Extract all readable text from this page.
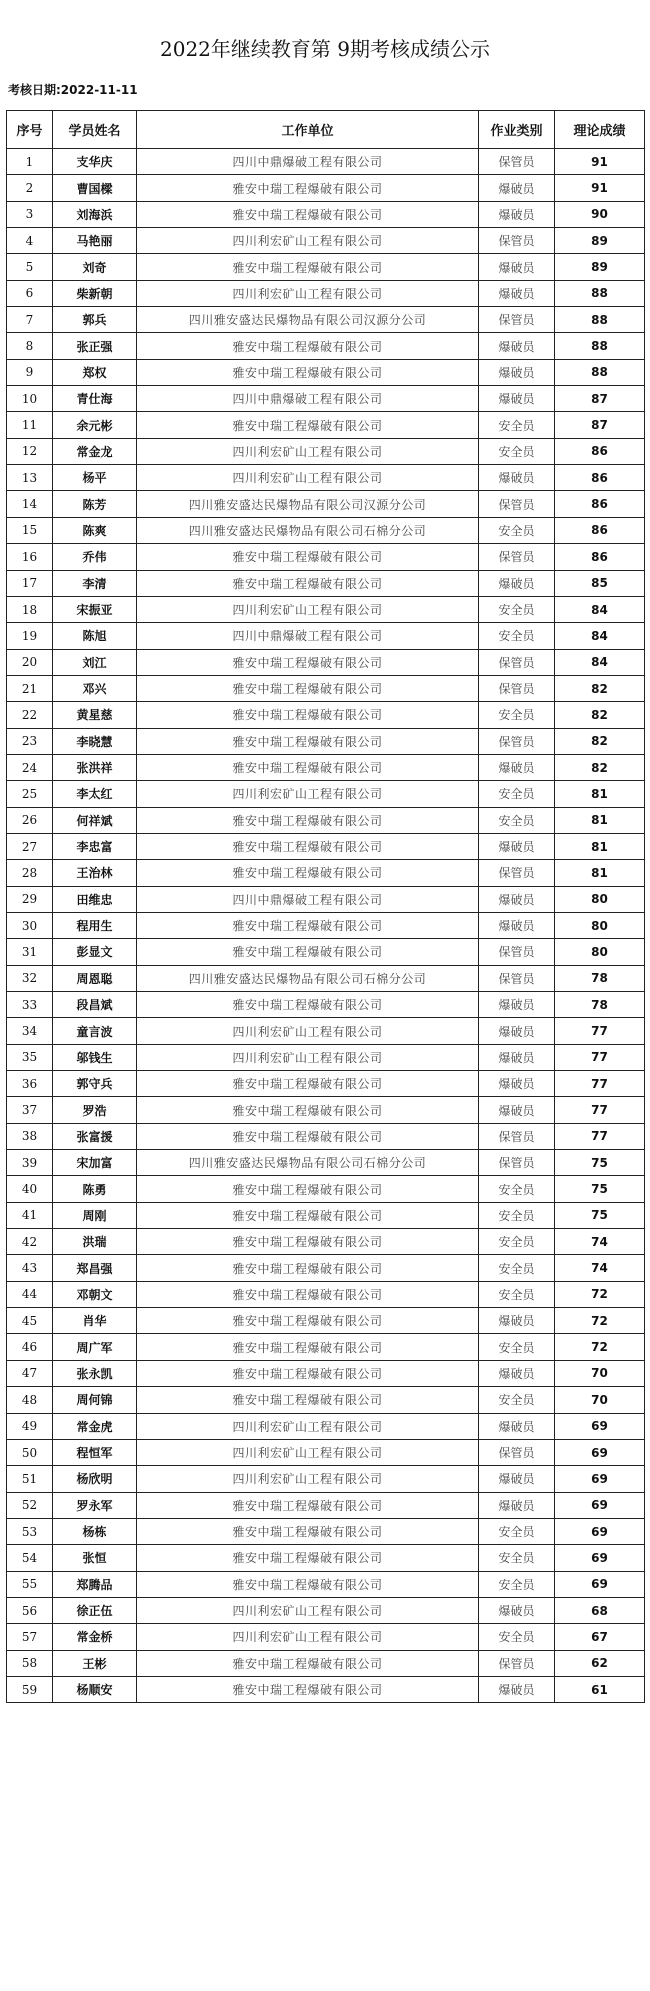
2022年继续教育第 9期考核成绩公示
考核日期:2022-11-11
序号	学员姓名	工作单位	作业类别	理论成绩
1	支华庆	四川中鼎爆破工程有限公司	保管员	91
2	曹国樑	雅安中瑞工程爆破有限公司	爆破员	91
3	刘海浜	雅安中瑞工程爆破有限公司	爆破员	90
4	马艳丽	四川利宏矿山工程有限公司	保管员	89
5	刘奇	雅安中瑞工程爆破有限公司	爆破员	89
6	柴新朝	四川利宏矿山工程有限公司	爆破员	88
7	郭兵	四川雅安盛达民爆物品有限公司汉源分公司	保管员	88
8	张正强	雅安中瑞工程爆破有限公司	爆破员	88
9	郑权	雅安中瑞工程爆破有限公司	爆破员	88
10	青仕海	四川中鼎爆破工程有限公司	爆破员	87
11	余元彬	雅安中瑞工程爆破有限公司	安全员	87
12	常金龙	四川利宏矿山工程有限公司	安全员	86
13	杨平	四川利宏矿山工程有限公司	爆破员	86
14	陈芳	四川雅安盛达民爆物品有限公司汉源分公司	保管员	86
15	陈爽	四川雅安盛达民爆物品有限公司石棉分公司	安全员	86
16	乔伟	雅安中瑞工程爆破有限公司	保管员	86
17	李清	雅安中瑞工程爆破有限公司	爆破员	85
18	宋振亚	四川利宏矿山工程有限公司	安全员	84
19	陈旭	四川中鼎爆破工程有限公司	安全员	84
20	刘江	雅安中瑞工程爆破有限公司	保管员	84
21	邓兴	雅安中瑞工程爆破有限公司	保管员	82
22	黄星慈	雅安中瑞工程爆破有限公司	安全员	82
23	李晓慧	雅安中瑞工程爆破有限公司	保管员	82
24	张洪祥	雅安中瑞工程爆破有限公司	爆破员	82
25	李太红	四川利宏矿山工程有限公司	安全员	81
26	何祥斌	雅安中瑞工程爆破有限公司	安全员	81
27	李忠富	雅安中瑞工程爆破有限公司	爆破员	81
28	王治林	雅安中瑞工程爆破有限公司	保管员	81
29	田维忠	四川中鼎爆破工程有限公司	爆破员	80
30	程用生	雅安中瑞工程爆破有限公司	爆破员	80
31	彭显文	雅安中瑞工程爆破有限公司	保管员	80
32	周恩聪	四川雅安盛达民爆物品有限公司石棉分公司	保管员	78
33	段昌斌	雅安中瑞工程爆破有限公司	爆破员	78
34	童言波	四川利宏矿山工程有限公司	爆破员	77
35	邬钱生	四川利宏矿山工程有限公司	爆破员	77
36	郭守兵	雅安中瑞工程爆破有限公司	爆破员	77
37	罗浩	雅安中瑞工程爆破有限公司	爆破员	77
38	张富援	雅安中瑞工程爆破有限公司	保管员	77
39	宋加富	四川雅安盛达民爆物品有限公司石棉分公司	保管员	75
40	陈勇	雅安中瑞工程爆破有限公司	安全员	75
41	周刚	雅安中瑞工程爆破有限公司	安全员	75
42	洪瑞	雅安中瑞工程爆破有限公司	安全员	74
43	郑昌强	雅安中瑞工程爆破有限公司	安全员	74
44	邓朝文	雅安中瑞工程爆破有限公司	安全员	72
45	肖华	雅安中瑞工程爆破有限公司	爆破员	72
46	周广军	雅安中瑞工程爆破有限公司	安全员	72
47	张永凯	雅安中瑞工程爆破有限公司	爆破员	70
48	周何锦	雅安中瑞工程爆破有限公司	安全员	70
49	常金虎	四川利宏矿山工程有限公司	爆破员	69
50	程恒军	四川利宏矿山工程有限公司	保管员	69
51	杨欣明	四川利宏矿山工程有限公司	爆破员	69
52	罗永军	雅安中瑞工程爆破有限公司	爆破员	69
53	杨栋	雅安中瑞工程爆破有限公司	安全员	69
54	张恒	雅安中瑞工程爆破有限公司	安全员	69
55	郑腾品	雅安中瑞工程爆破有限公司	安全员	69
56	徐正伍	四川利宏矿山工程有限公司	爆破员	68
57	常金桥	四川利宏矿山工程有限公司	安全员	67
58	王彬	雅安中瑞工程爆破有限公司	保管员	62
59	杨顺安	雅安中瑞工程爆破有限公司	爆破员	61
